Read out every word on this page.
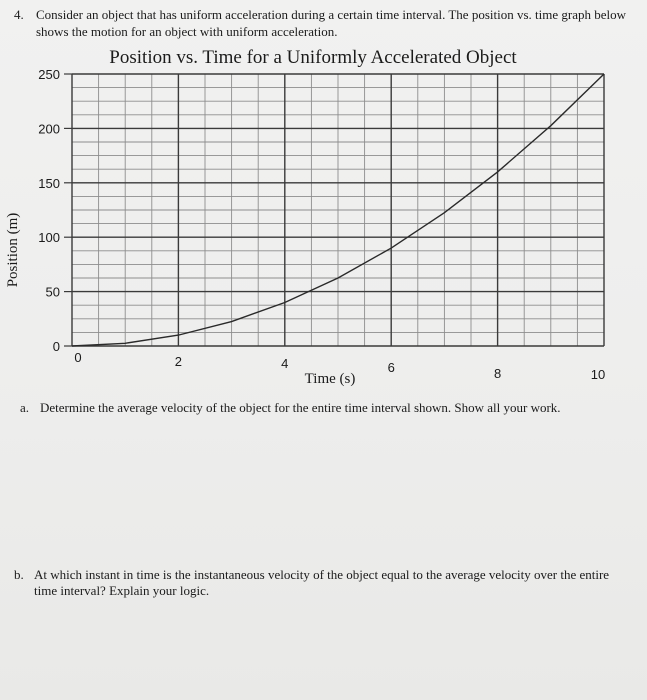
4. Consider an object that has uniform acceleration during a certain time interval. The position vs. time graph below shows the motion for an object with uniform acceleration.
Position vs. Time for a Uniformly Accelerated Object
0
50
100
150
200
250
0	2	4	6	8	10
Position (m)
Time (s)
a. Determine the average velocity of the object for the entire time interval shown. Show all your work.
b. At which instant in time is the instantaneous velocity of the object equal to the average velocity over the entire time interval? Explain your logic.
